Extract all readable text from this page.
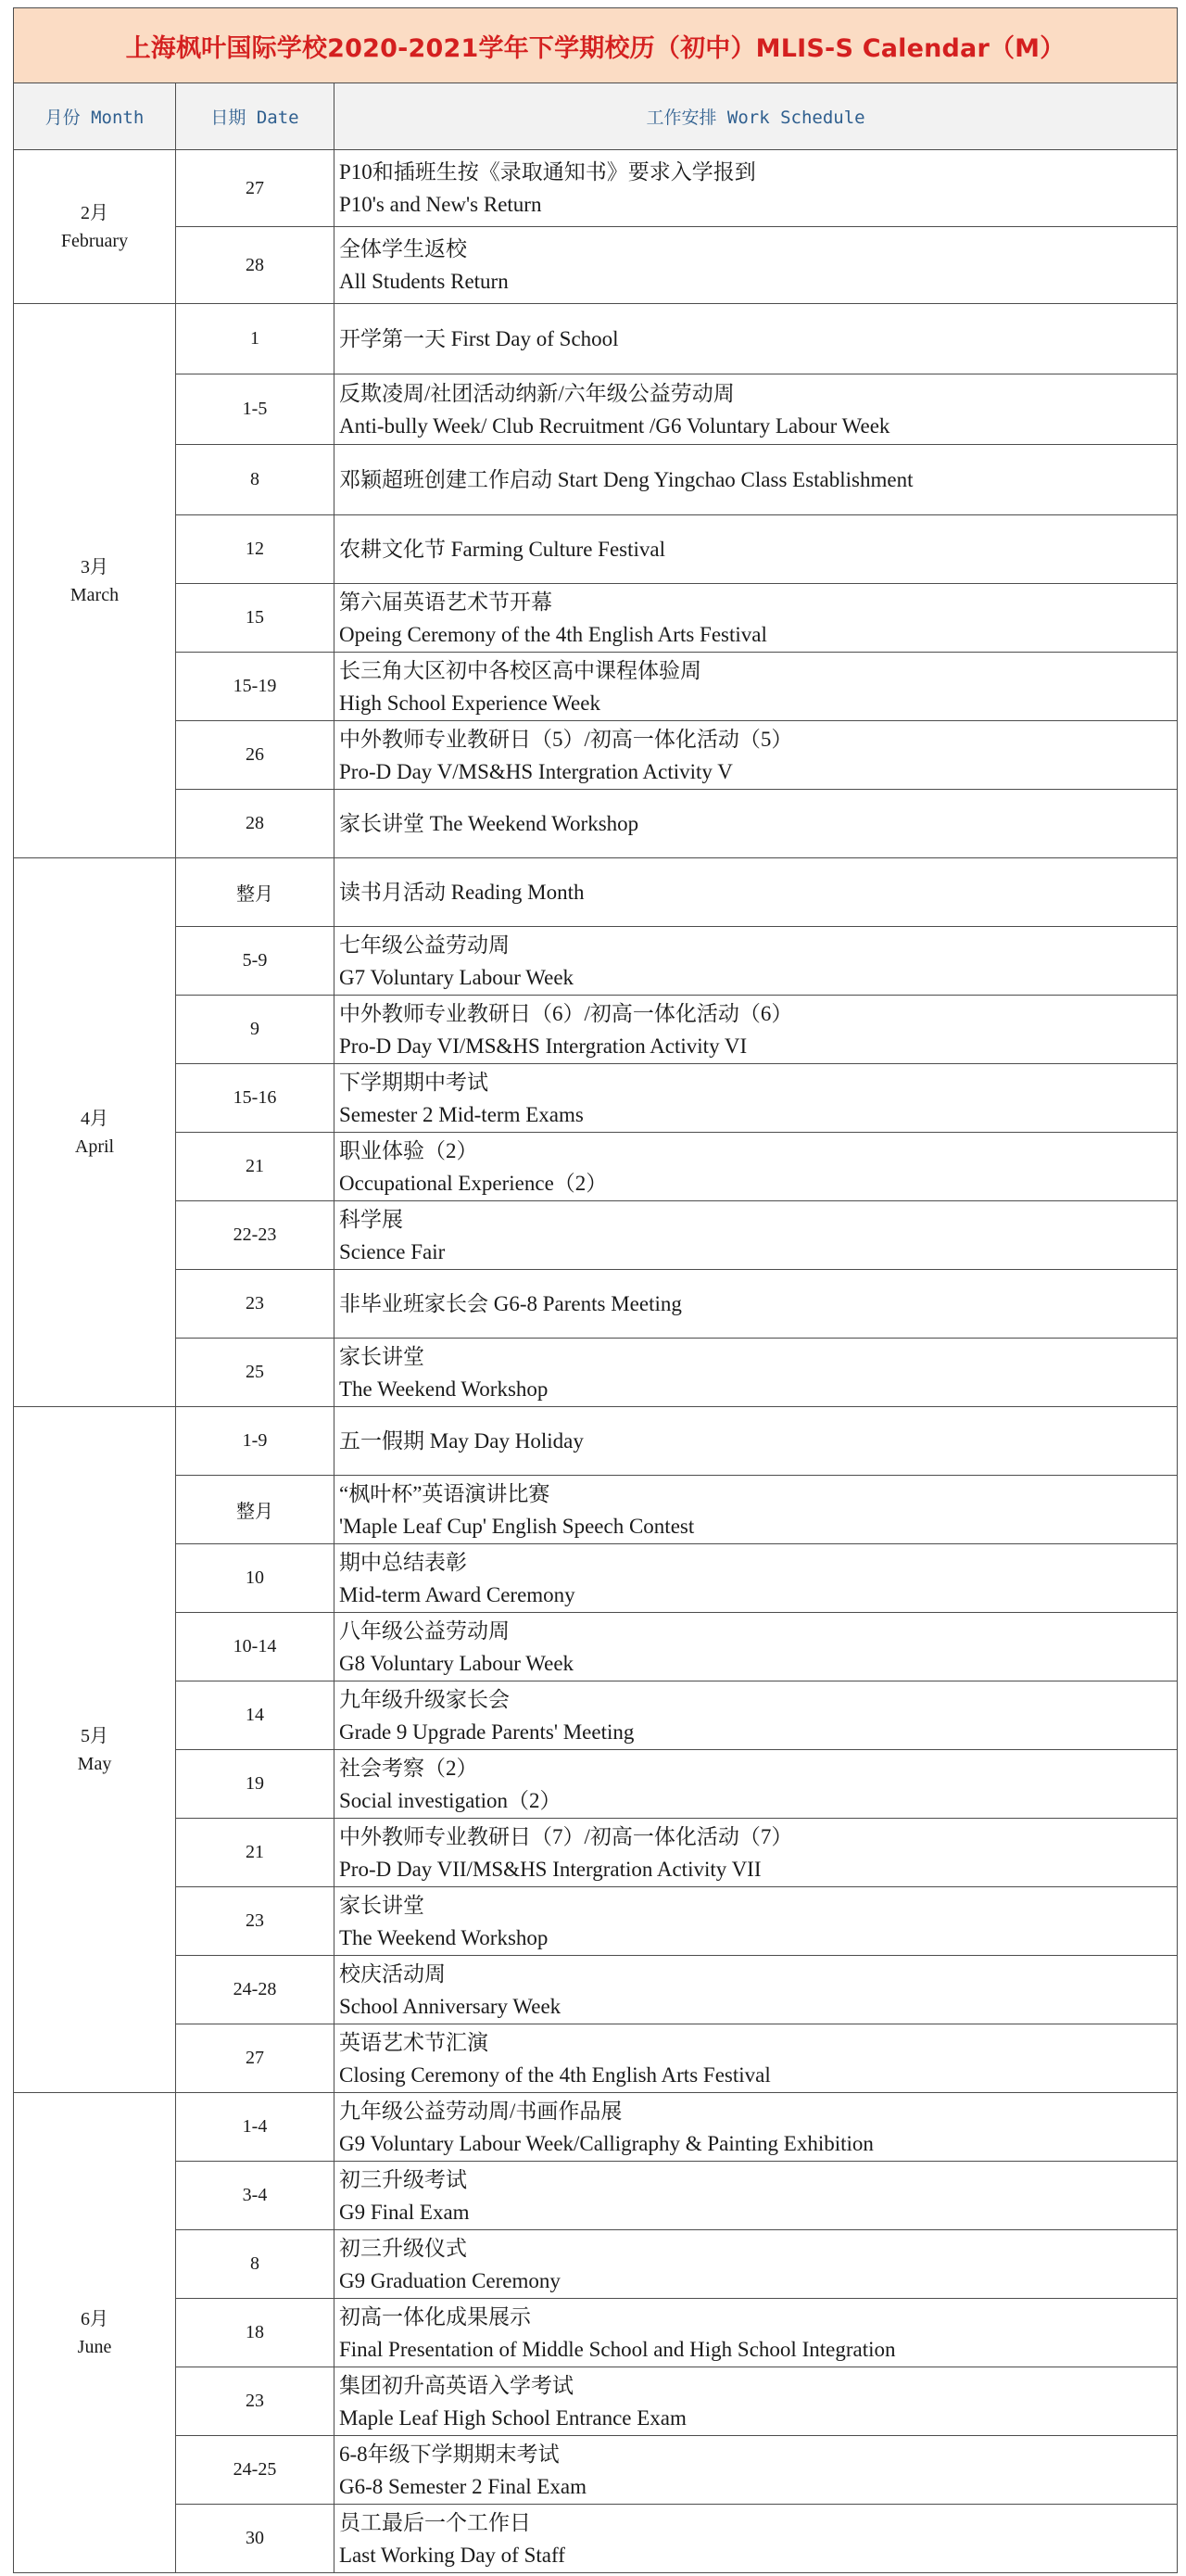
上海枫叶国际学校2020-2021学年下学期校历（初中）MLIS-S Calendar（M）		
月份 Month	日期 Date	工作安排 Work Schedule

2月
February	27	P10和插班生按《录取通知书》要求入学报到
P10's and New's Return

	28	全体学生返校
All Students Return

3月
March	1	开学第一天 First Day of School

	1-5	反欺凌周/社团活动纳新/六年级公益劳动周
Anti-bully Week/ Club Recruitment /G6 Voluntary Labour Week

	8	邓颖超班创建工作启动 Start Deng Yingchao Class Establishment

	12	农耕文化节 Farming Culture Festival

	15	第六届英语艺术节开幕
Opeing Ceremony of the 4th English Arts Festival

	15-19	长三角大区初中各校区高中课程体验周
High School Experience Week

	26	中外教师专业教研日（5）/初高一体化活动（5）
Pro-D Day V/MS&HS Intergration Activity V

	28	家长讲堂 The Weekend Workshop

4月
April	整月	读书月活动 Reading Month

	5-9	七年级公益劳动周
G7 Voluntary Labour Week

	9	中外教师专业教研日（6）/初高一体化活动（6）
Pro-D Day VI/MS&HS Intergration Activity VI

	15-16	下学期期中考试
Semester 2 Mid-term Exams

	21	职业体验（2）
Occupational Experience（2）

	22-23	科学展
Science Fair

	23	非毕业班家长会 G6-8 Parents Meeting

	25	家长讲堂
The Weekend Workshop

5月
May	1-9	五一假期 May Day Holiday

	整月	“枫叶杯”英语演讲比赛
'Maple Leaf Cup' English Speech Contest

	10	期中总结表彰
Mid-term Award Ceremony

	10-14	八年级公益劳动周
G8 Voluntary Labour Week

	14	九年级升级家长会
Grade 9 Upgrade Parents' Meeting

	19	社会考察（2）
Social investigation（2）

	21	中外教师专业教研日（7）/初高一体化活动（7）
Pro-D Day VII/MS&HS Intergration Activity VII

	23	家长讲堂
The Weekend Workshop

	24-28	校庆活动周
School Anniversary Week

	27	英语艺术节汇演
Closing Ceremony of the 4th English Arts Festival

6月
June	1-4	九年级公益劳动周/书画作品展
G9 Voluntary Labour Week/Calligraphy & Painting Exhibition

	3-4	初三升级考试
G9 Final Exam

	8	初三升级仪式
G9 Graduation Ceremony

	18	初高一体化成果展示
Final Presentation of Middle School and High School Integration

	23	集团初升高英语入学考试
Maple Leaf High School Entrance Exam

	24-25	6-8年级下学期期末考试
G6-8 Semester 2 Final Exam

	30	员工最后一个工作日
Last Working Day of Staff
